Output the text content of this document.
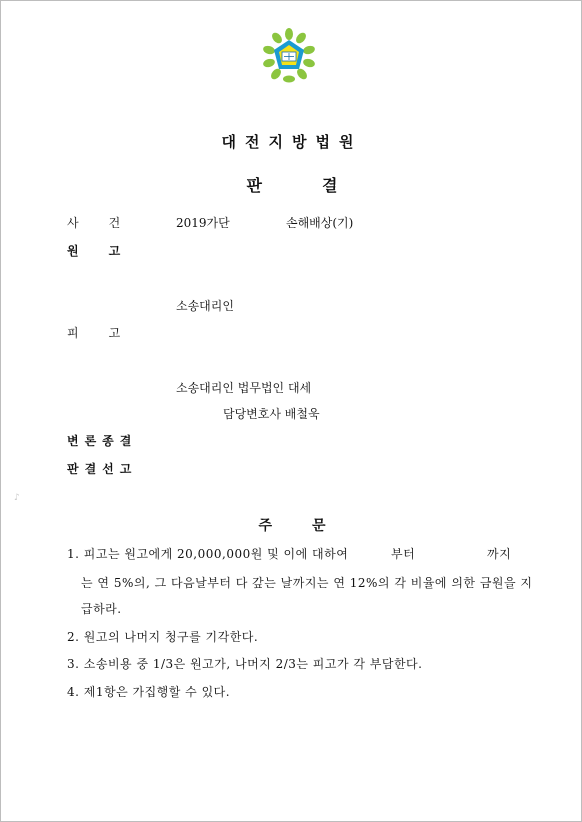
대전지방법원
판결
사건 2019가단	손해배상(기)
원고
소송대리인
피고
소송대리인 법무법인 대세
담당변호사 배철욱
변론종결
판결선고
♪
주문
1. 피고는 원고에게 20,000,000원 및 이에 대하여	부터	까지
는 연 5%의, 그 다음날부터 다 갚는 날까지는 연 12%의 각 비율에 의한 금원을 지
급하라.
2. 원고의 나머지 청구를 기각한다.
3. 소송비용 중 1/3은 원고가, 나머지 2/3는 피고가 각 부담한다.
4. 제1항은 가집행할 수 있다.
